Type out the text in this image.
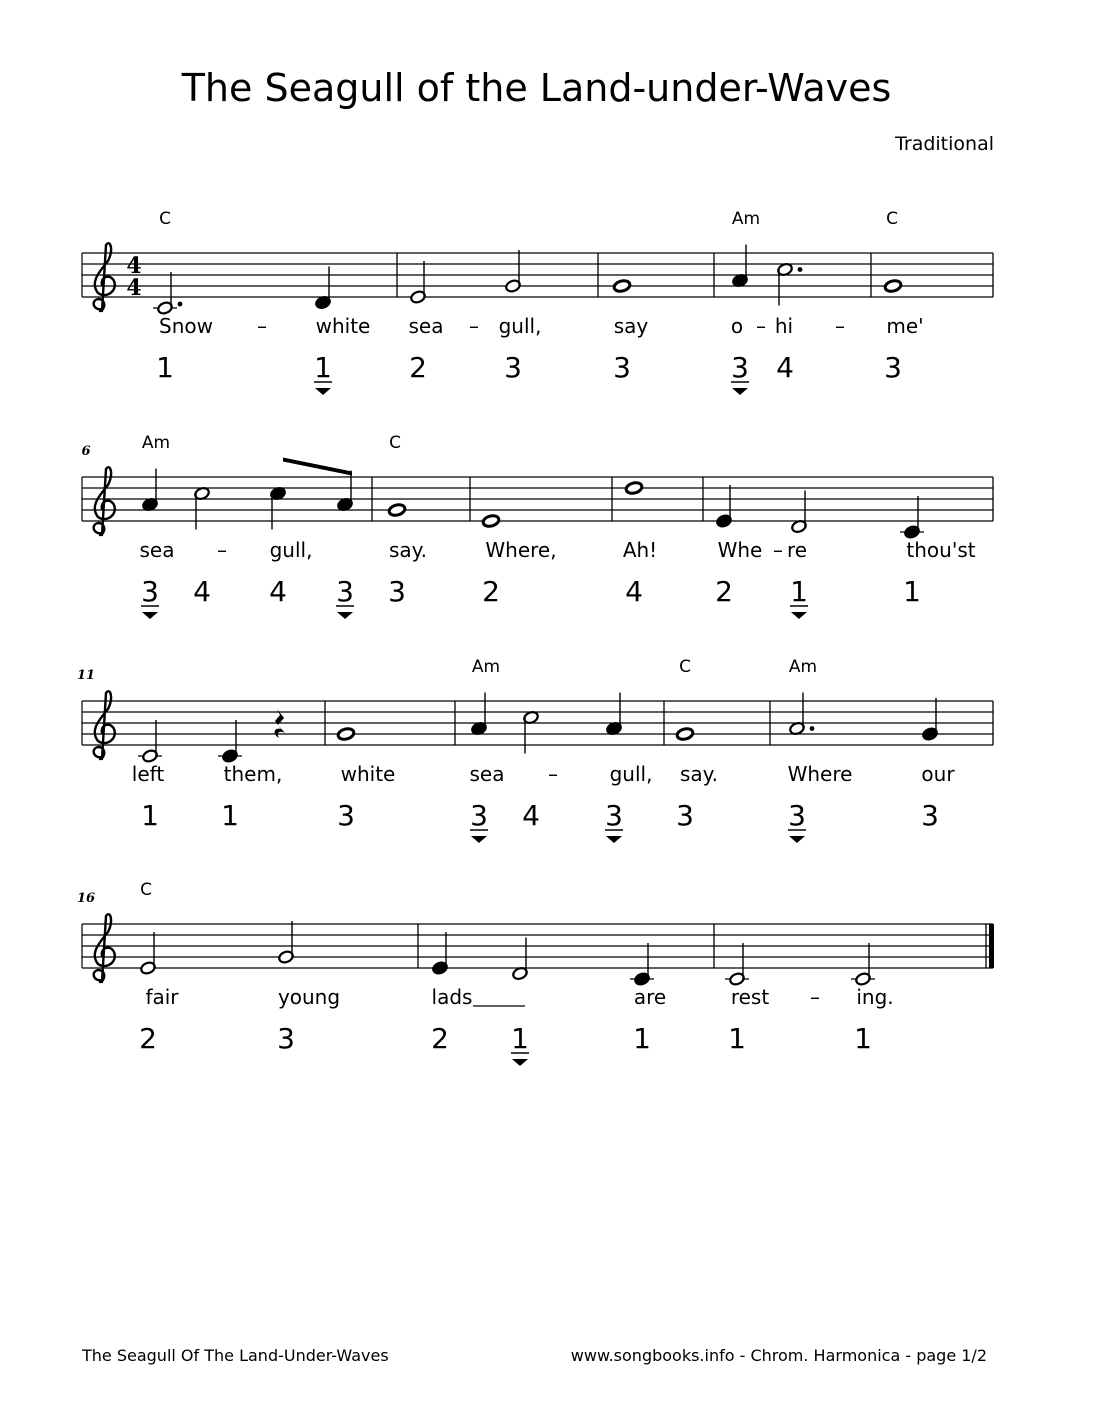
The Seagull of the Land-under-Waves
Traditional
Snow – white sea – gull,	say	o – hi – me'
1	1	2	3	3	3 4	3
4
4
C	Am	C
sea – gull,	say.	Where,	Ah!	Whe – re	thou'st
3 4 4 3 3	2	4	2 1	1
6	Am	C
left	them,	white	sea –	gull, say.	Where	our
1 1	3	3 4 3 3	3	3
11	Am	C	Am
fair	young	lads	are	rest – ing.
2	3	2 1	1	1	1
16	C
The Seagull Of The Land-Under-Waves	www.songbooks.info - Chrom. Harmonica - page 1/2
